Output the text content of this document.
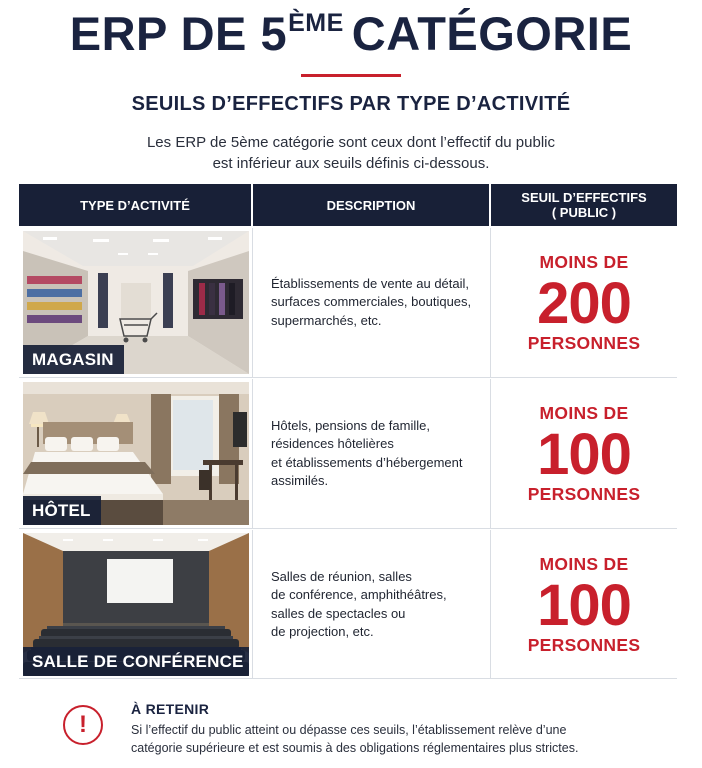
ERP DE 5ÈME CATÉGORIE
SEUILS D’EFFECTIFS PAR TYPE D’ACTIVITÉ
Les ERP de 5ème catégorie sont ceux dont l’effectif du public
est inférieur aux seuils définis ci-dessous.
TYPE D’ACTIVITÉ	DESCRIPTION	SEUIL D’EFFECTIFS
( PUBLIC )
MAGASIN
Établissements de vente au détail,
surfaces commerciales, boutiques,
supermarchés, etc.
MOINS DE
200
PERSONNES
HÔTEL
Hôtels, pensions de famille,
résidences hôtelières
et établissements d’hébergement
assimilés.
MOINS DE
100
PERSONNES
SALLE DE CONFÉRENCE
Salles de réunion, salles
de conférence, amphithéâtres,
salles de spectacles ou
de projection, etc.
MOINS DE
100
PERSONNES
!
À RETENIR
Si l’effectif du public atteint ou dépasse ces seuils, l’établissement relève d’une
catégorie supérieure et est soumis à des obligations réglementaires plus strictes.
